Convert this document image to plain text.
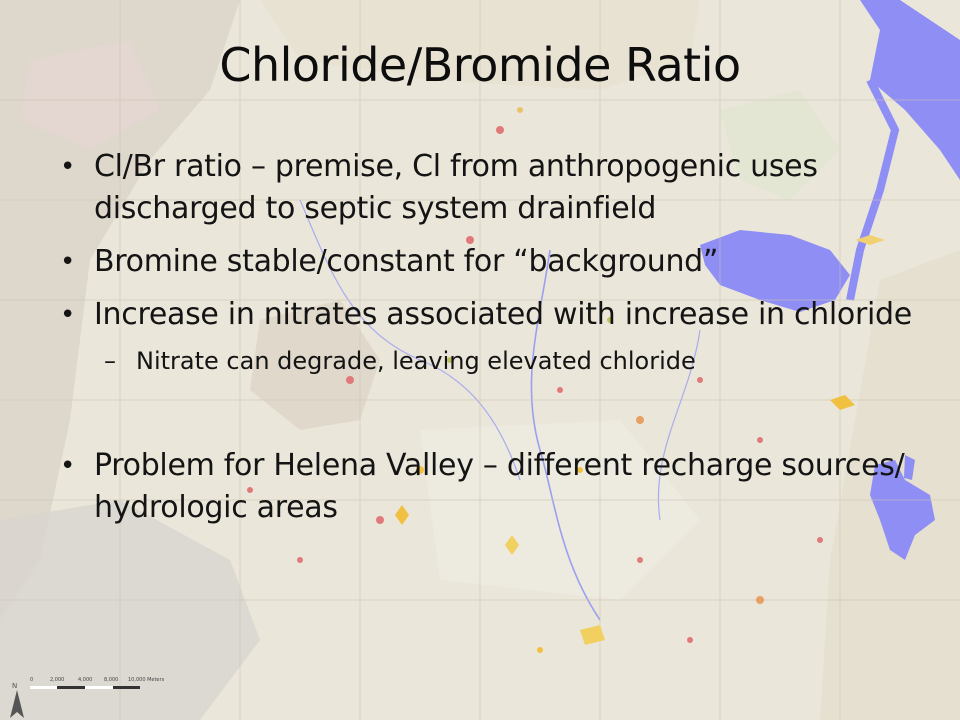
0	2,000	4,000 8,000 10,000 Meters
N
Chloride/Bromide Ratio
• Cl/Br ratio – premise, Cl from anthropogenic uses discharged to septic system drainfield
• Bromine stable/constant for “background”
• Increase in nitrates associated with increase in chloride
– Nitrate can degrade, leaving elevated chloride
• Problem for Helena Valley – different recharge sources/ hydrologic areas
